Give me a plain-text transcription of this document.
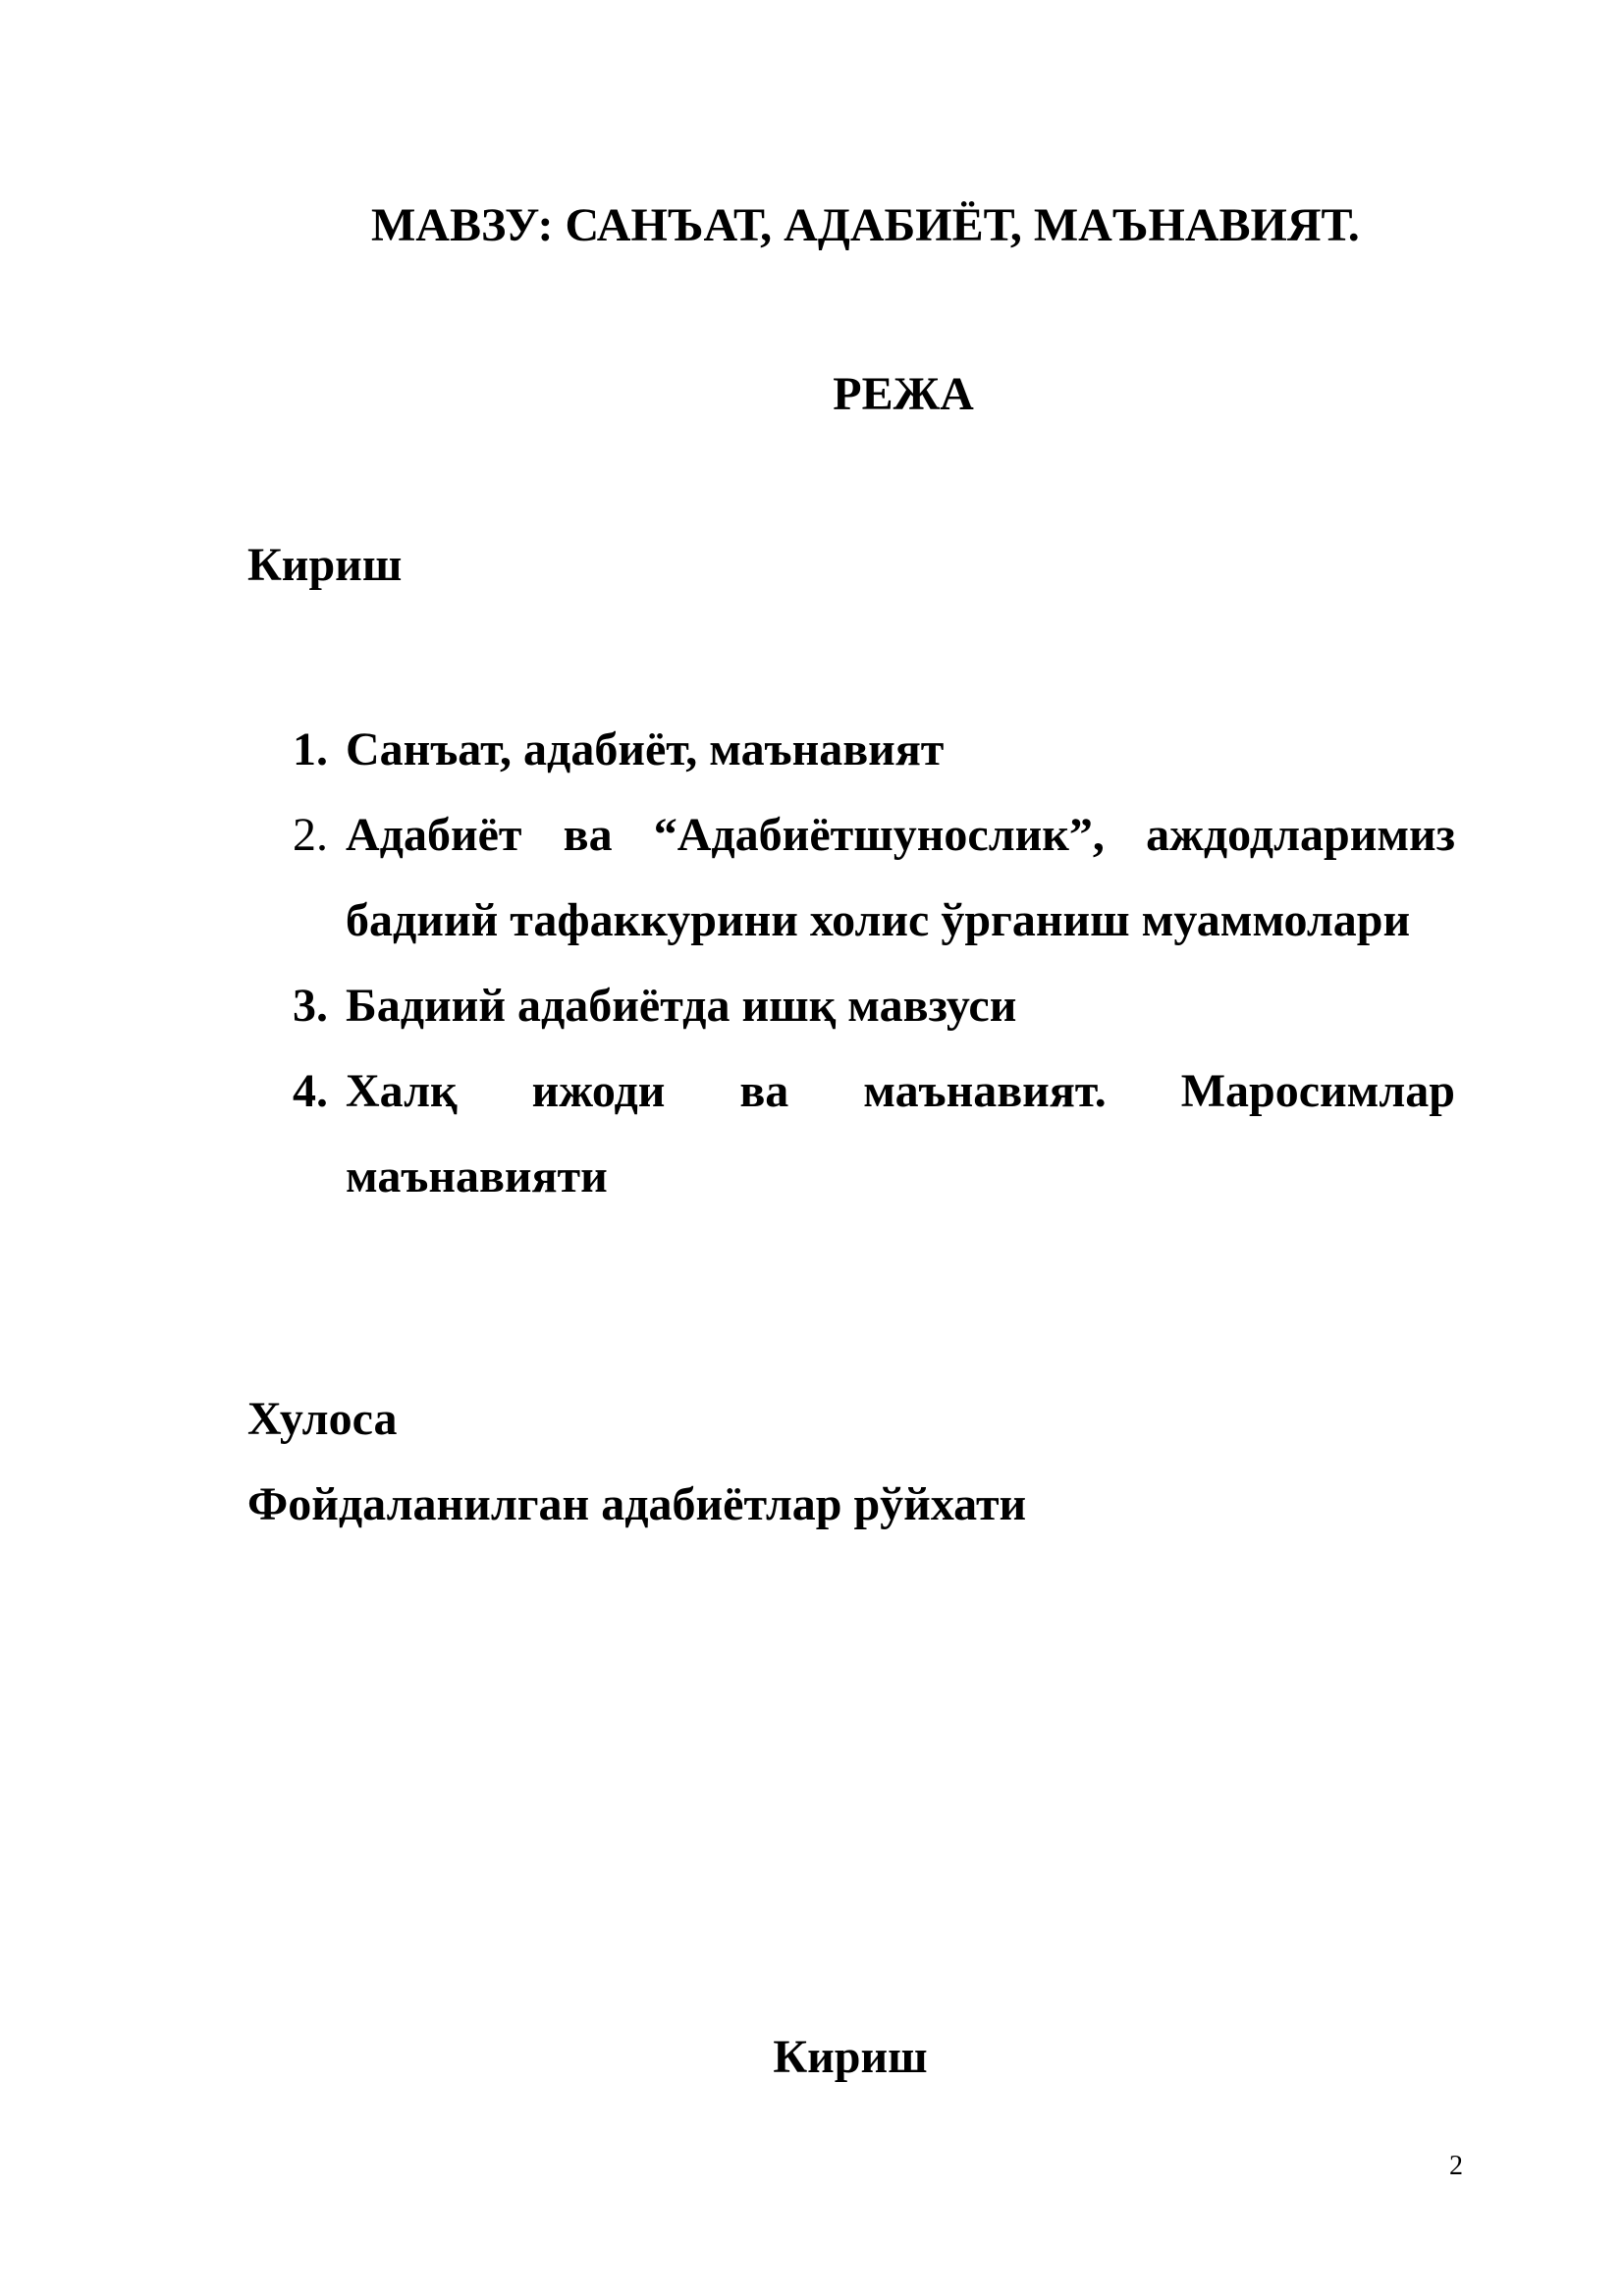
МАВЗУ: САНЪАТ, АДАБИЁТ, МАЪНАВИЯТ.
РЕЖА
Кириш
1. Санъат, адабиёт, маънавият
2. Адабиёт ва “Адабиётшунослик”, аждодларимиз бадиий тафаккурини холис ўрганиш муаммолари
3. Бадиий адабиётда ишқ мавзуси
4. Халқ ижоди ва маънавият. Маросимлар маънавияти
Хулоса
Фойдаланилган адабиётлар рўйхати
Кириш
2
